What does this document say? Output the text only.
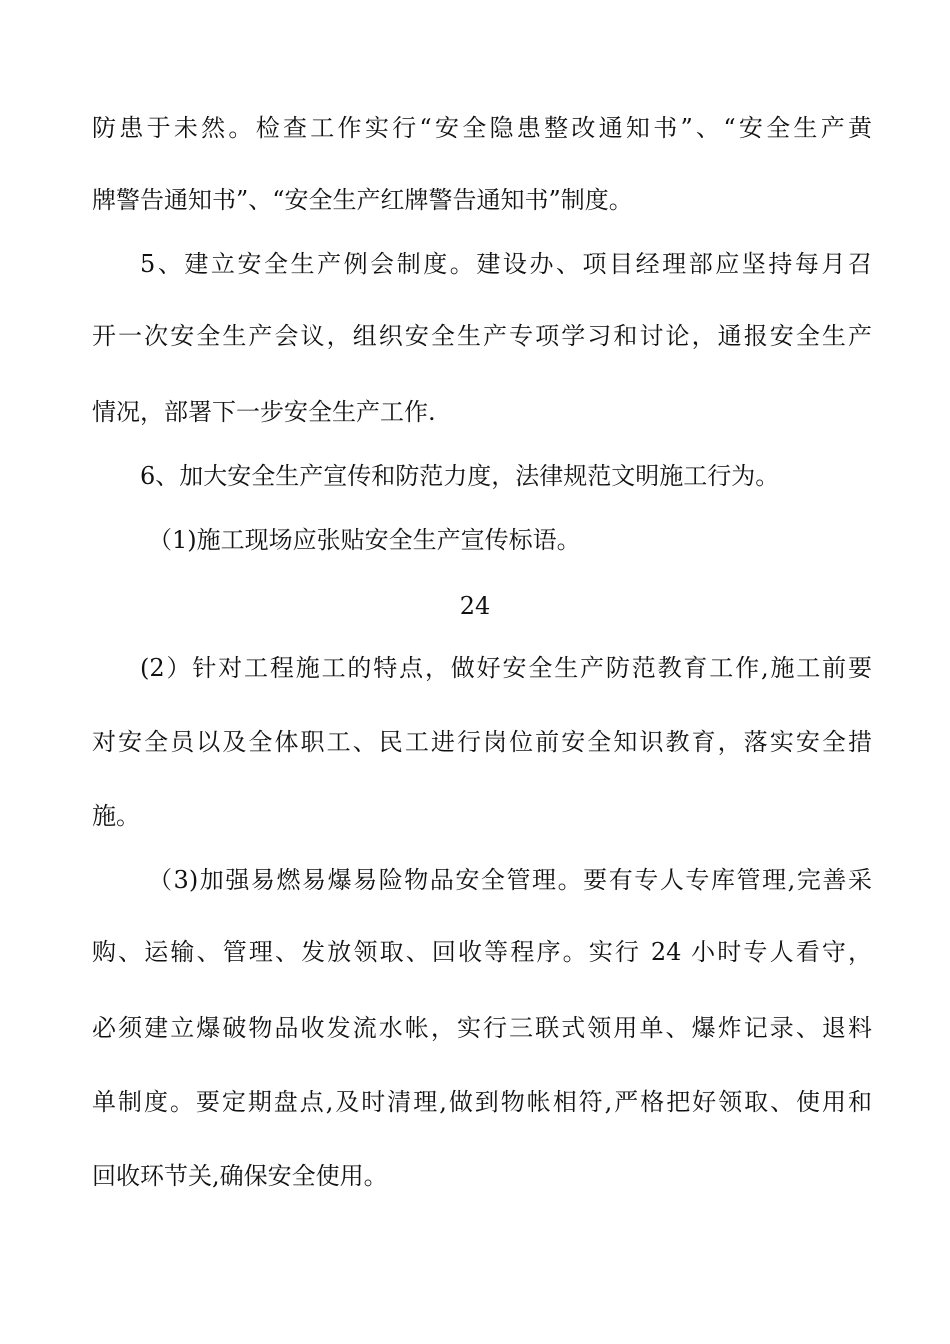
防患于未然。检查工作实行“安全隐患整改通知书”、“安全生产黄
牌警告通知书”、“安全生产红牌警告通知书”制度。
5、建立安全生产例会制度。建设办、项目经理部应坚持每月召
开一次安全生产会议，组织安全生产专项学习和讨论，通报安全生产
情况，部署下一步安全生产工作.
6、加大安全生产宣传和防范力度，法律规范文明施工行为。
（1)施工现场应张贴安全生产宣传标语。
24
(2）针对工程施工的特点，做好安全生产防范教育工作,施工前要
对安全员以及全体职工、民工进行岗位前安全知识教育，落实安全措
施。
（3)加强易燃易爆易险物品安全管理。要有专人专库管理,完善采
购、运输、管理、发放领取、回收等程序。实行 24 小时专人看守，
必须建立爆破物品收发流水帐，实行三联式领用单、爆炸记录、退料
单制度。要定期盘点,及时清理,做到物帐相符,严格把好领取、使用和
回收环节关,确保安全使用。
